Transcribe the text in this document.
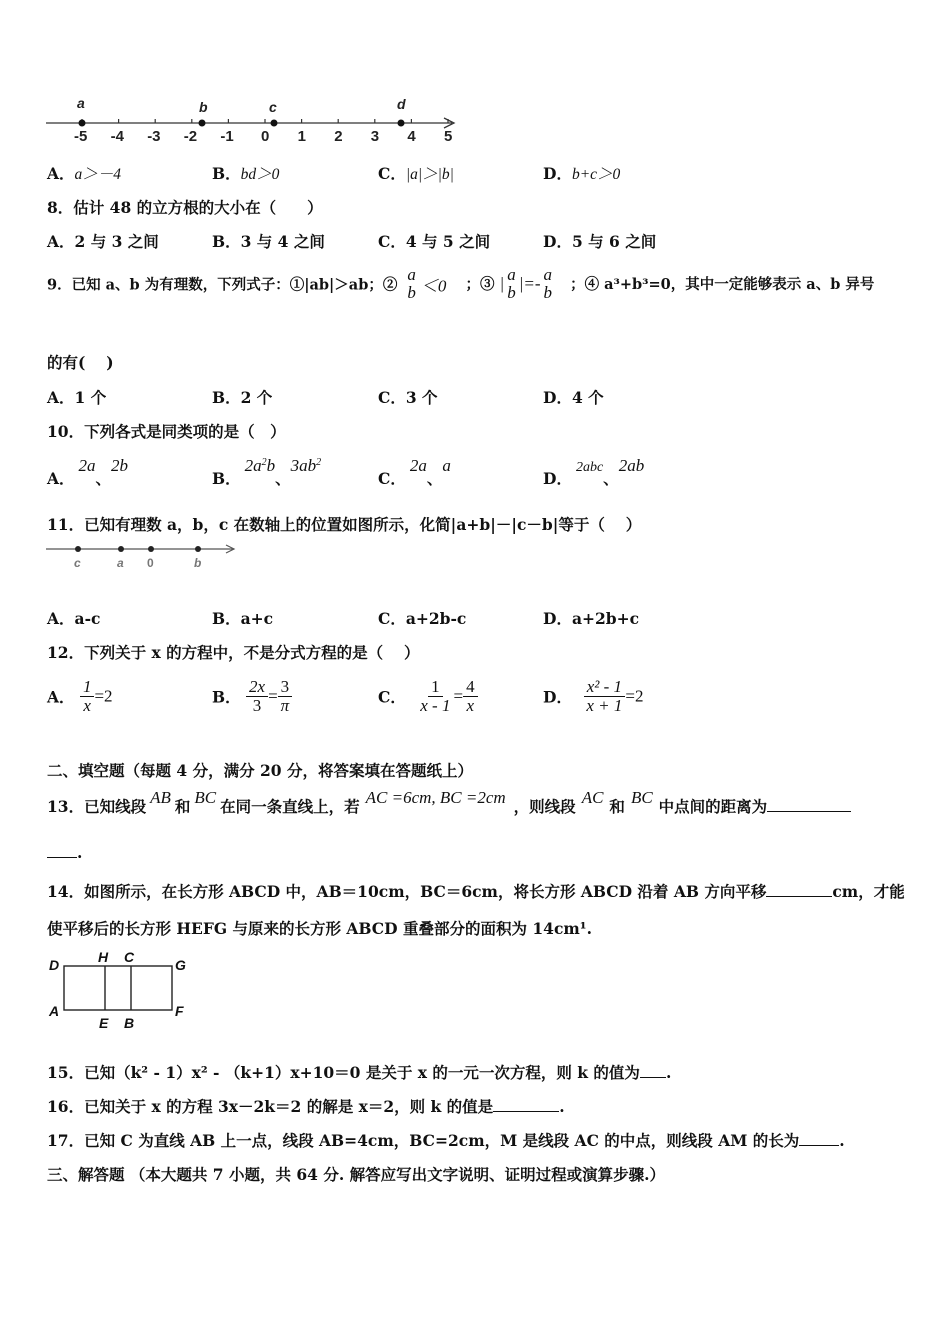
-5 -4 -3 -2 -1 0 1 2 3 4 5
a	b	c	d
A．a＞－4	B．bd＞0	C．|a|＞|b|	D．b+c＞0
8．估计 48 的立方根的大小在（　　）
A．2 与 3 之间	B．3 与 4 之间	C．4 与 5 之间	D．5 与 6 之间
9．已知 a、b 为有理数，下列式子：①|ab|＞ab；②
a
b ＜0 ；③ | a
b |=- a
b ；④ a³+b³=0，其中一定能够表示 a、b 异号
的有(　 )
A．1 个	B．2 个	C．3 个	D．4 个
10．下列各式是同类项的是（　）
A．2a、2b
B．$2a^2b$、$3ab^2$
C．2a、a
D．2abc、2ab
11．已知有理数 a，b，c 在数轴上的位置如图所示，化简|a+b|－|c－b|等于（　 ）
c	a 0	b
A．a-c	B．a+c	C．a+2b-c	D．a+2b+c
12．下列关于 x 的方程中，不是分式方程的是（　 ）
A． $\frac{1}{x} =2$	B． $\frac{2x}{3} = \frac{3}{\pi}$	C． $\frac{1}{x - 1} = \frac{4}{x}$	D． $\frac{\text{x² - 1}}{x + 1} =2$
二、填空题（每题 4 分，满分 20 分，将答案填在答题纸上）
13．已知线段 AB 和 BC 在同一条直线上，若 AC =6cm, BC =2cm ，则线段 AC 和 BC 中点间的距离为
.
14．如图所示，在长方形 ABCD 中，AB＝10cm，BC＝6cm，将长方形 ABCD 沿着 AB 方向平移	cm，才能
使平移后的长方形 HEFG 与原来的长方形 ABCD 重叠部分的面积为 14cm¹.
D	H C	G
A
E B
F
15．已知（k² - 1）x² - （k+1）x+10＝0 是关于 x 的一元一次方程，则 k 的值为 .
16．已知关于 x 的方程 3x－2k＝2 的解是 x＝2，则 k 的值是	.
17．已知 C 为直线 AB 上一点，线段 AB=4cm，BC=2cm，M 是线段 AC 的中点，则线段 AM 的长为	.
三、解答题 （本大题共 7 小题，共 64 分. 解答应写出文字说明、证明过程或演算步骤.）
